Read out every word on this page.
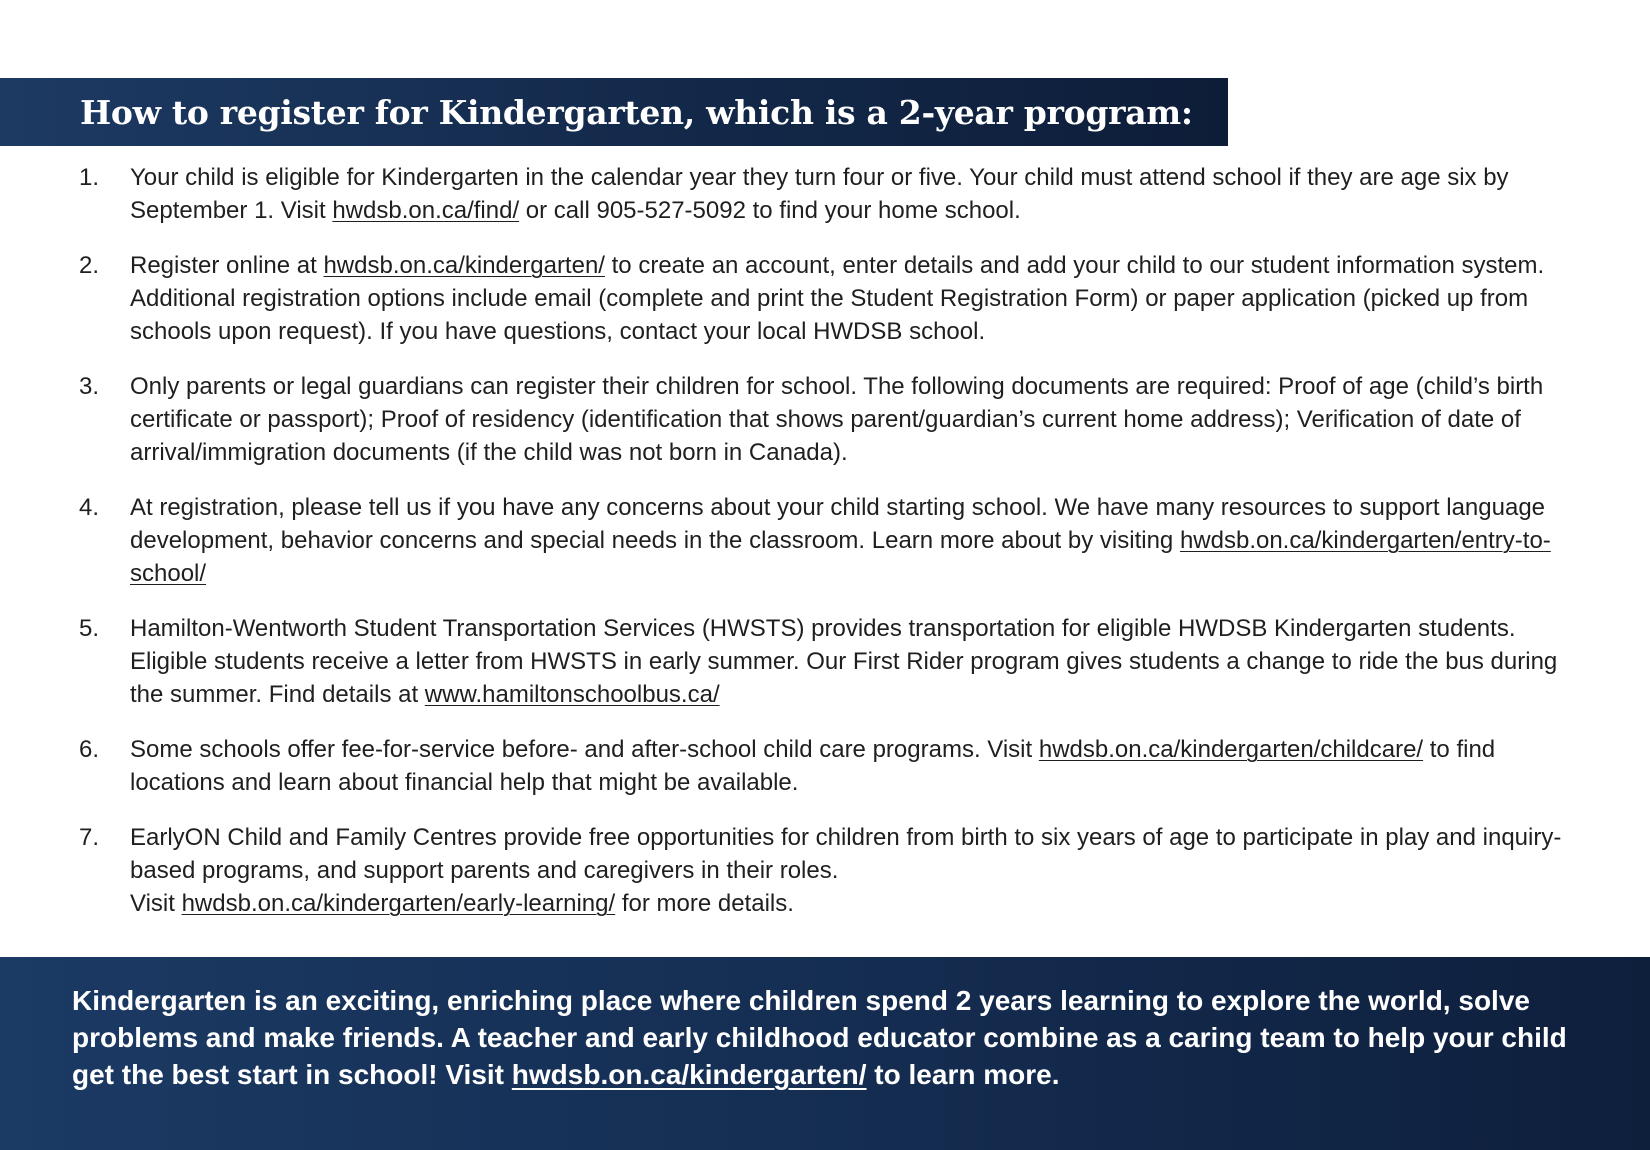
How to register for Kindergarten, which is a 2-year program:
1. Your child is eligible for Kindergarten in the calendar year they turn four or five. Your child must attend school if they are age six by September 1. Visit hwdsb.on.ca/find/ or call 905-527-5092 to find your home school.
2. Register online at hwdsb.on.ca/kindergarten/ to create an account, enter details and add your child to our student information system. Additional registration options include email (complete and print the Student Registration Form) or paper application (picked up from schools upon request). If you have questions, contact your local HWDSB school.
3. Only parents or legal guardians can register their children for school. The following documents are required: Proof of age (child’s birth certificate or passport); Proof of residency (identification that shows parent/guardian’s current home address); Verification of date of arrival/immigration documents (if the child was not born in Canada).
4. At registration, please tell us if you have any concerns about your child starting school. We have many resources to support language development, behavior concerns and special needs in the classroom. Learn more about by visiting hwdsb.on.ca/kindergarten/entry-to-school/
5. Hamilton-Wentworth Student Transportation Services (HWSTS) provides transportation for eligible HWDSB Kindergarten students. Eligible students receive a letter from HWSTS in early summer. Our First Rider program gives students a change to ride the bus during the summer. Find details at www.hamiltonschoolbus.ca/
6. Some schools offer fee-for-service before- and after-school child care programs. Visit hwdsb.on.ca/kindergarten/childcare/ to find locations and learn about financial help that might be available.
7. EarlyON Child and Family Centres provide free opportunities for children from birth to six years of age to participate in play and inquiry-based programs, and support parents and caregivers in their roles.
Visit hwdsb.on.ca/kindergarten/early-learning/ for more details.

Kindergarten is an exciting, enriching place where children spend 2 years learning to explore the world, solve problems and make friends. A teacher and early childhood educator combine as a caring team to help your child get the best start in school! Visit hwdsb.on.ca/kindergarten/ to learn more.
